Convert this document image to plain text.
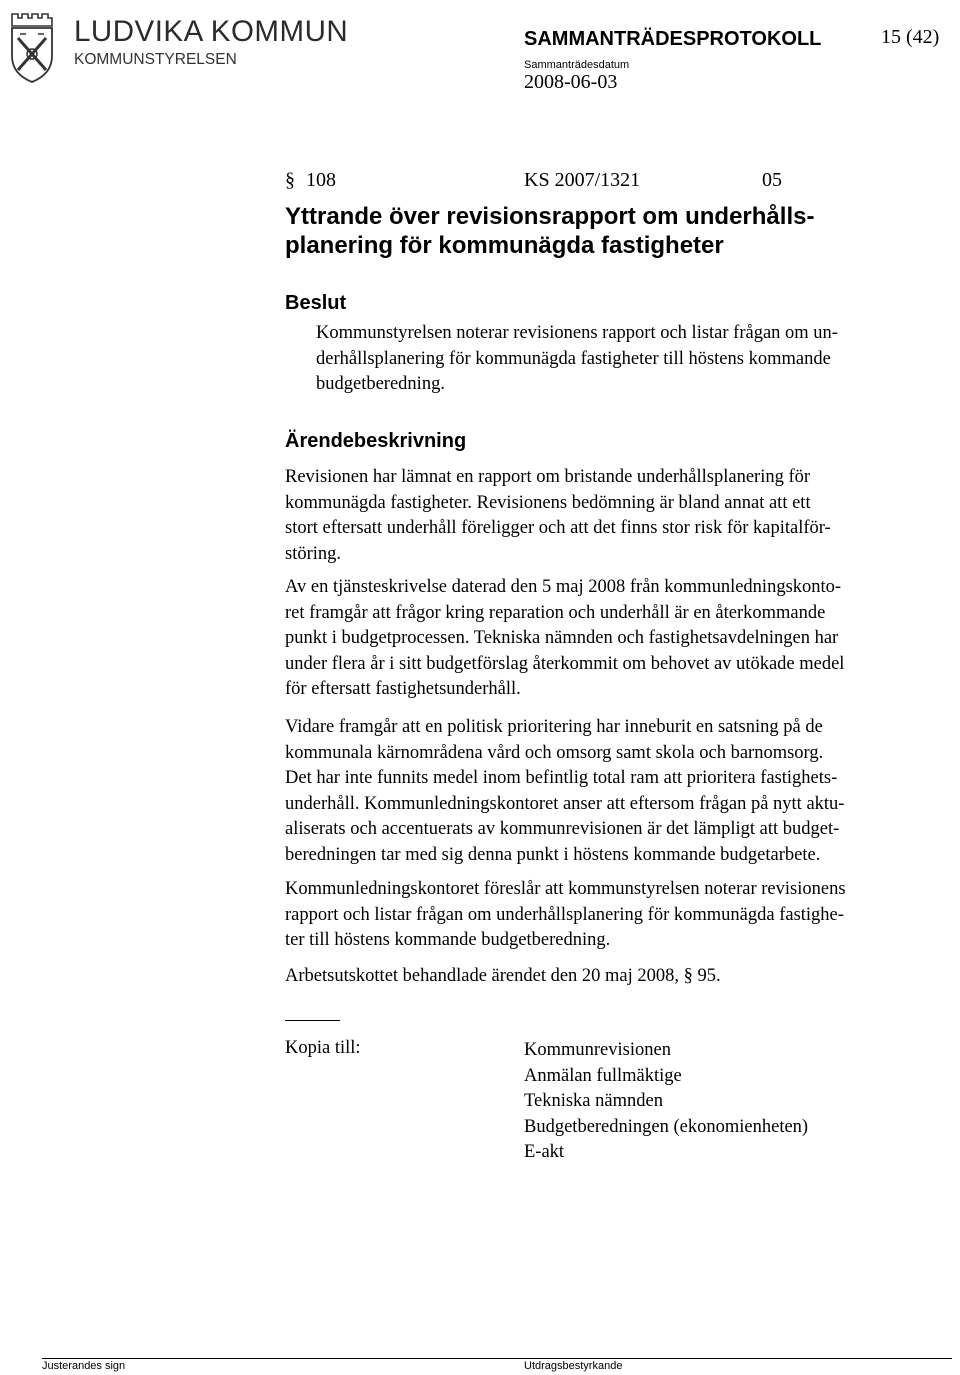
LUDVIKA KOMMUN
KOMMUNSTYRELSEN
SAMMANTRÄDESPROTOKOLL	15 (42)
Sammanträdesdatum
2008-06-03
§ 108	KS 2007/1321	05
Yttrande över revisionsrapport om underhålls-
planering för kommunägda fastigheter
Beslut
Kommunstyrelsen noterar revisionens rapport och listar frågan om un-
derhållsplanering för kommunägda fastigheter till höstens kommande
budgetberedning.
Ärendebeskrivning
Revisionen har lämnat en rapport om bristande underhållsplanering för
kommunägda fastigheter. Revisionens bedömning är bland annat att ett
stort eftersatt underhåll föreligger och att det finns stor risk för kapitalför-
störing.
Av en tjänsteskrivelse daterad den 5 maj 2008 från kommunledningskonto-
ret framgår att frågor kring reparation och underhåll är en återkommande
punkt i budgetprocessen. Tekniska nämnden och fastighetsavdelningen har
under flera år i sitt budgetförslag återkommit om behovet av utökade medel
för eftersatt fastighetsunderhåll.
Vidare framgår att en politisk prioritering har inneburit en satsning på de
kommunala kärnområdena vård och omsorg samt skola och barnomsorg.
Det har inte funnits medel inom befintlig total ram att prioritera fastighets-
underhåll. Kommunledningskontoret anser att eftersom frågan på nytt aktu-
aliserats och accentuerats av kommunrevisionen är det lämpligt att budget-
beredningen tar med sig denna punkt i höstens kommande budgetarbete.
Kommunledningskontoret föreslår att kommunstyrelsen noterar revisionens
rapport och listar frågan om underhållsplanering för kommunägda fastighe-
ter till höstens kommande budgetberedning.
Arbetsutskottet behandlade ärendet den 20 maj 2008, § 95.
Kopia till:	Kommunrevisionen
Anmälan fullmäktige
Tekniska nämnden
Budgetberedningen (ekonomienheten)
E-akt
Justerandes sign	Utdragsbestyrkande
